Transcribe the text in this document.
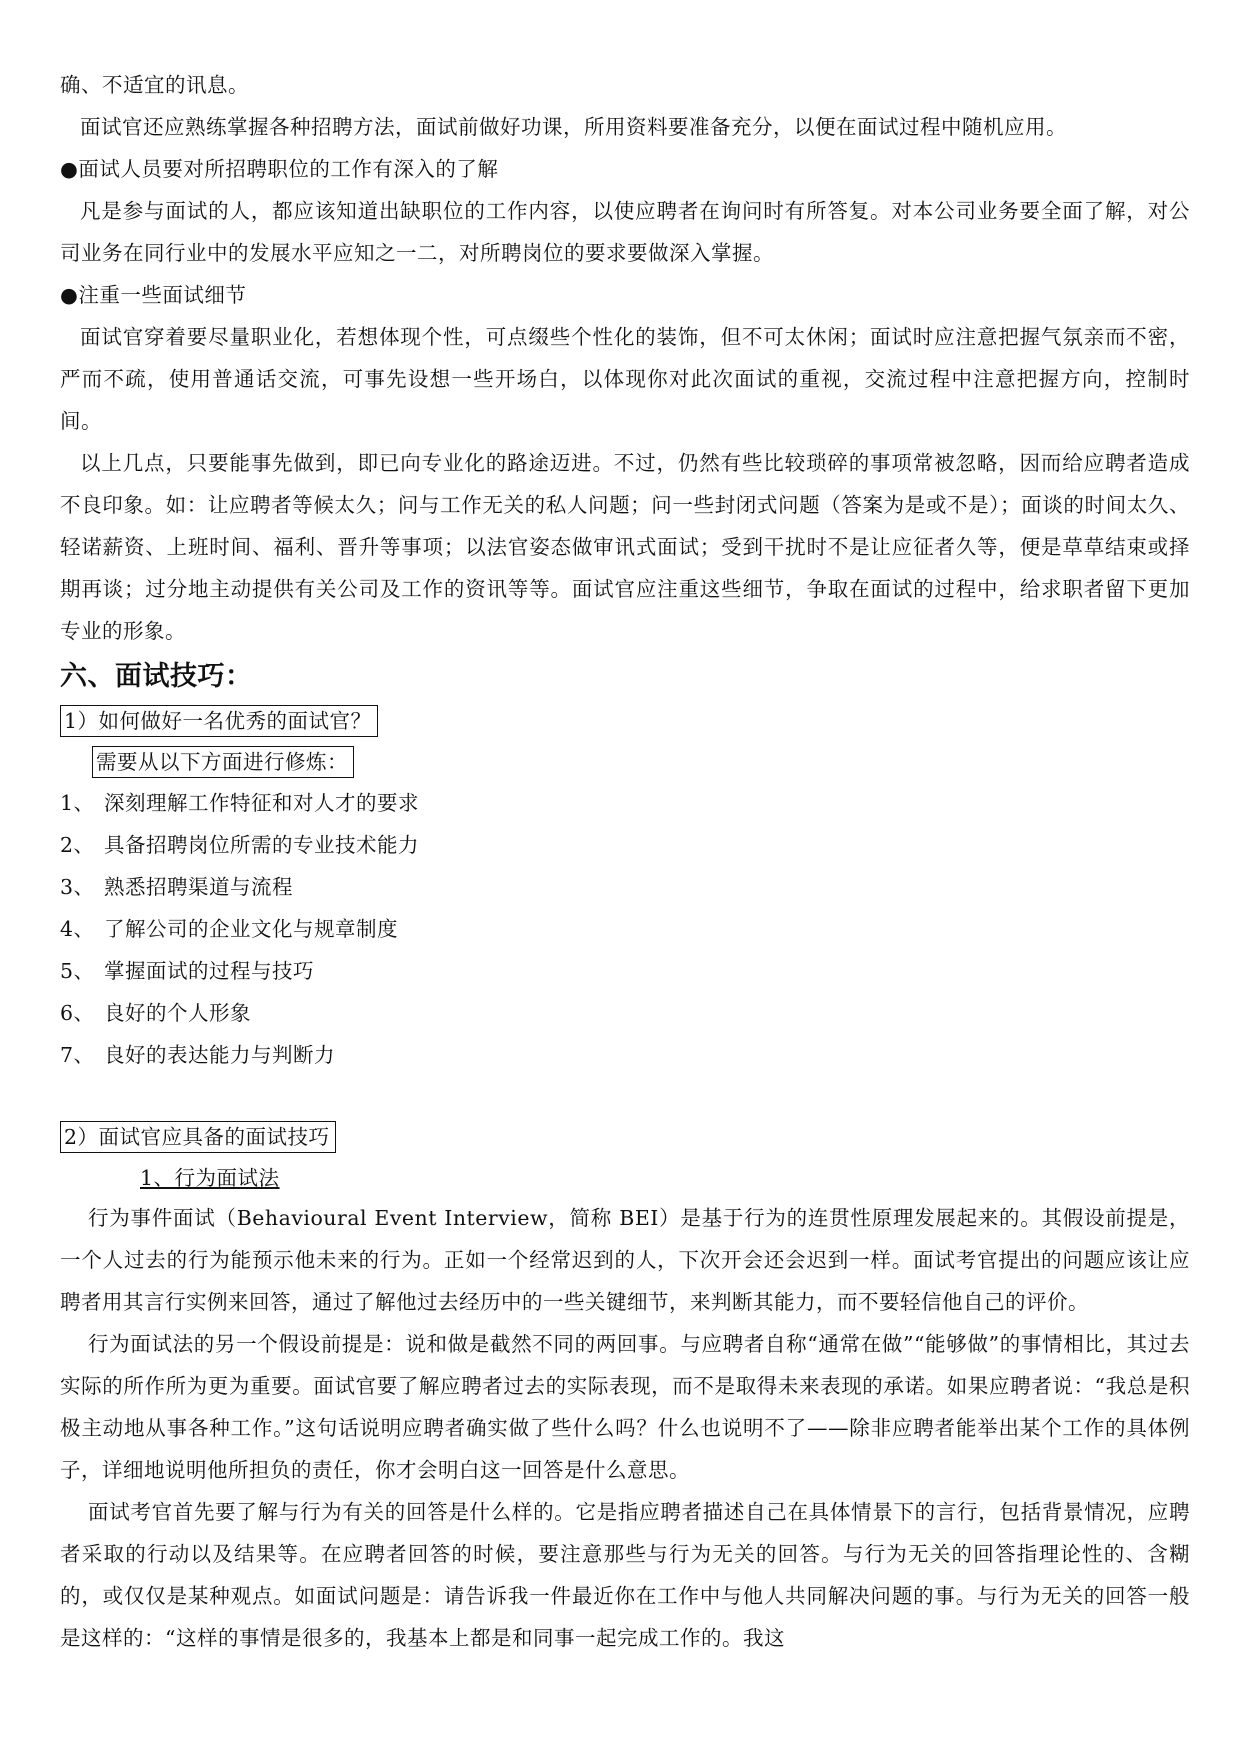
确、不适宜的讯息。

面试官还应熟练掌握各种招聘方法，面试前做好功课，所用资料要准备充分，以便在面试过程中随机应用。

●面试人员要对所招聘职位的工作有深入的了解

凡是参与面试的人，都应该知道出缺职位的工作内容，以使应聘者在询问时有所答复。对本公司业务要全面了解，对公司业务在同行业中的发展水平应知之一二，对所聘岗位的要求要做深入掌握。

●注重一些面试细节

面试官穿着要尽量职业化，若想体现个性，可点缀些个性化的装饰，但不可太休闲；面试时应注意把握气氛亲而不密，严而不疏，使用普通话交流，可事先设想一些开场白，以体现你对此次面试的重视，交流过程中注意把握方向，控制时间。

以上几点，只要能事先做到，即已向专业化的路途迈进。不过，仍然有些比较琐碎的事项常被忽略，因而给应聘者造成不良印象。如：让应聘者等候太久；问与工作无关的私人问题；问一些封闭式问题（答案为是或不是）；面谈的时间太久、轻诺薪资、上班时间、福利、晋升等事项；以法官姿态做审讯式面试；受到干扰时不是让应征者久等，便是草草结束或择期再谈；过分地主动提供有关公司及工作的资讯等等。面试官应注重这些细节，争取在面试的过程中，给求职者留下更加专业的形象。

六、面试技巧：
1）如何做好一名优秀的面试官？
需要从以下方面进行修炼：
1、 深刻理解工作特征和对人才的要求
2、 具备招聘岗位所需的专业技术能力
3、 熟悉招聘渠道与流程
4、 了解公司的企业文化与规章制度
5、 掌握面试的过程与技巧
6、 良好的个人形象
7、 良好的表达能力与判断力
2）面试官应具备的面试技巧
1、行为面试法

行为事件面试（Behavioural Event Interview，简称 BEI）是基于行为的连贯性原理发展起来的。其假设前提是，一个人过去的行为能预示他未来的行为。正如一个经常迟到的人，下次开会还会迟到一样。面试考官提出的问题应该让应聘者用其言行实例来回答，通过了解他过去经历中的一些关键细节，来判断其能力，而不要轻信他自己的评价。

行为面试法的另一个假设前提是：说和做是截然不同的两回事。与应聘者自称“通常在做”“能够做”的事情相比，其过去实际的所作所为更为重要。面试官要了解应聘者过去的实际表现，而不是取得未来表现的承诺。如果应聘者说：“我总是积极主动地从事各种工作。”这句话说明应聘者确实做了些什么吗？什么也说明不了——除非应聘者能举出某个工作的具体例子，详细地说明他所担负的责任，你才会明白这一回答是什么意思。

面试考官首先要了解与行为有关的回答是什么样的。它是指应聘者描述自己在具体情景下的言行，包括背景情况，应聘者采取的行动以及结果等。在应聘者回答的时候，要注意那些与行为无关的回答。与行为无关的回答指理论性的、含糊的，或仅仅是某种观点。如面试问题是：请告诉我一件最近你在工作中与他人共同解决问题的事。与行为无关的回答一般是这样的：“这样的事情是很多的，我基本上都是和同事一起完成工作的。我这
